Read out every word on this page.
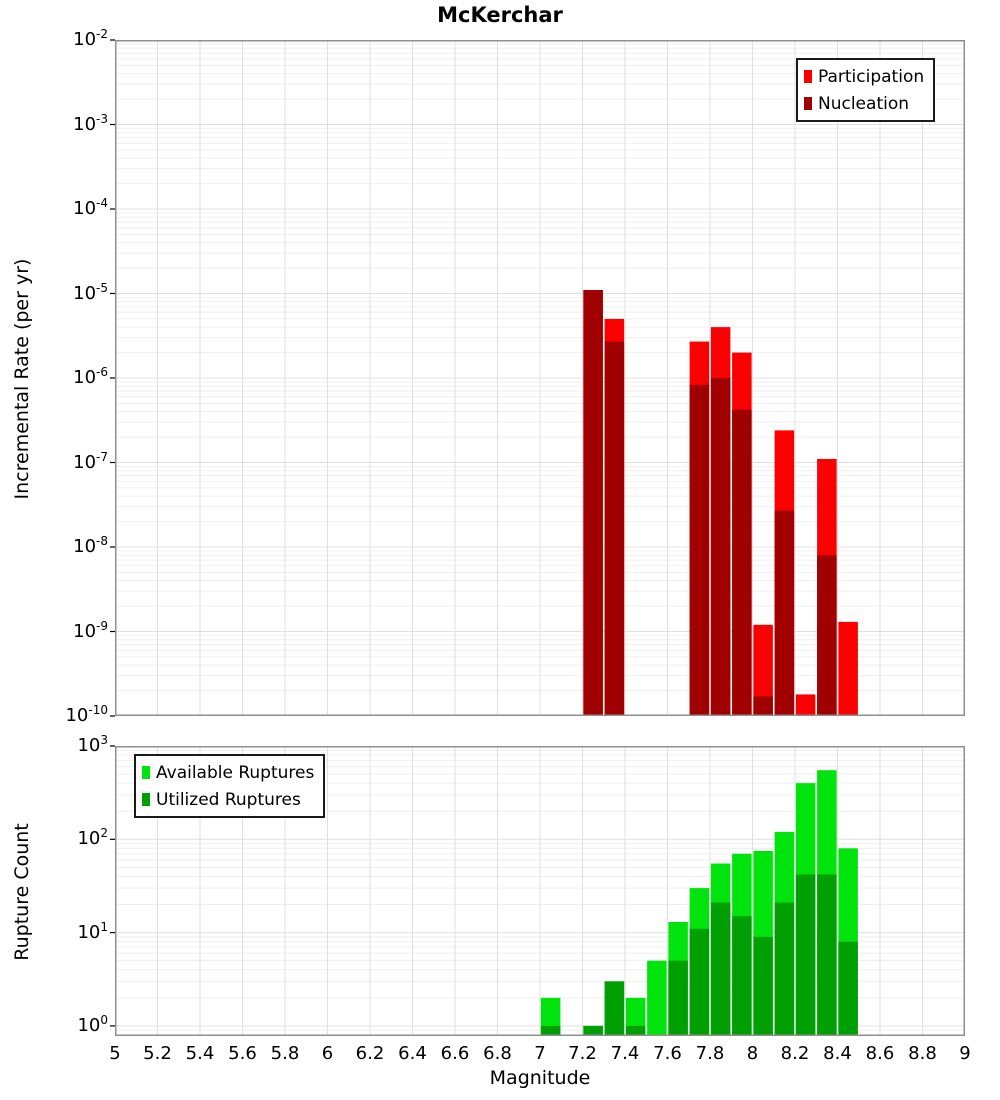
McKerchar
Incremental Rate (per yr)
Rupture Count
Magnitude
$10^{-2}$
$10^{-3}$
$10^{-4}$
$10^{-5}$
$10^{-6}$
$10^{-7}$
$10^{-8}$
$10^{-9}$
$10^{-10}$
$10^3$
$10^2$
$10^1$
$10^0$
5	5.2 5.4 5.6 5.8	6	6.2 6.4 6.6 6.8	7	7.2 7.4 7.6 7.8	8	8.2 8.4 8.6 8.8	9
Participation
Nucleation
Available Ruptures
Utilized Ruptures
